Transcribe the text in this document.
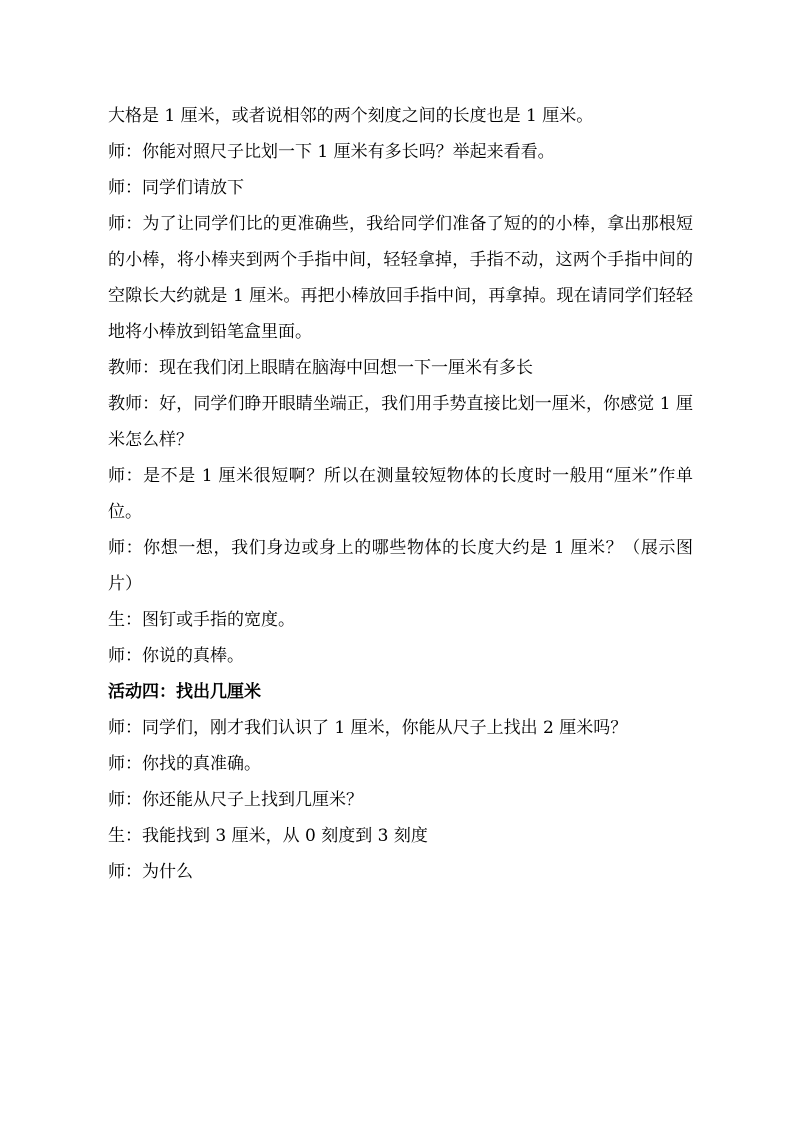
大格是 1 厘米，或者说相邻的两个刻度之间的长度也是 1 厘米。

师：你能对照尺子比划一下 1 厘米有多长吗？举起来看看。

师：同学们请放下

师：为了让同学们比的更准确些，我给同学们准备了短的的小棒，拿出那根短的小棒，将小棒夹到两个手指中间，轻轻拿掉，手指不动，这两个手指中间的空隙长大约就是 1 厘米。再把小棒放回手指中间，再拿掉。现在请同学们轻轻地将小棒放到铅笔盒里面。

教师：现在我们闭上眼睛在脑海中回想一下一厘米有多长

教师：好，同学们睁开眼睛坐端正，我们用手势直接比划一厘米，你感觉 1 厘米怎么样？

师：是不是 1 厘米很短啊？所以在测量较短物体的长度时一般用“厘米”作单位。

师：你想一想，我们身边或身上的哪些物体的长度大约是 1 厘米？（展示图片）

生：图钉或手指的宽度。

师：你说的真棒。

活动四：找出几厘米

师：同学们，刚才我们认识了 1 厘米，你能从尺子上找出 2 厘米吗？

师：你找的真准确。

师：你还能从尺子上找到几厘米？

生：我能找到 3 厘米，从 0 刻度到 3 刻度

师：为什么
